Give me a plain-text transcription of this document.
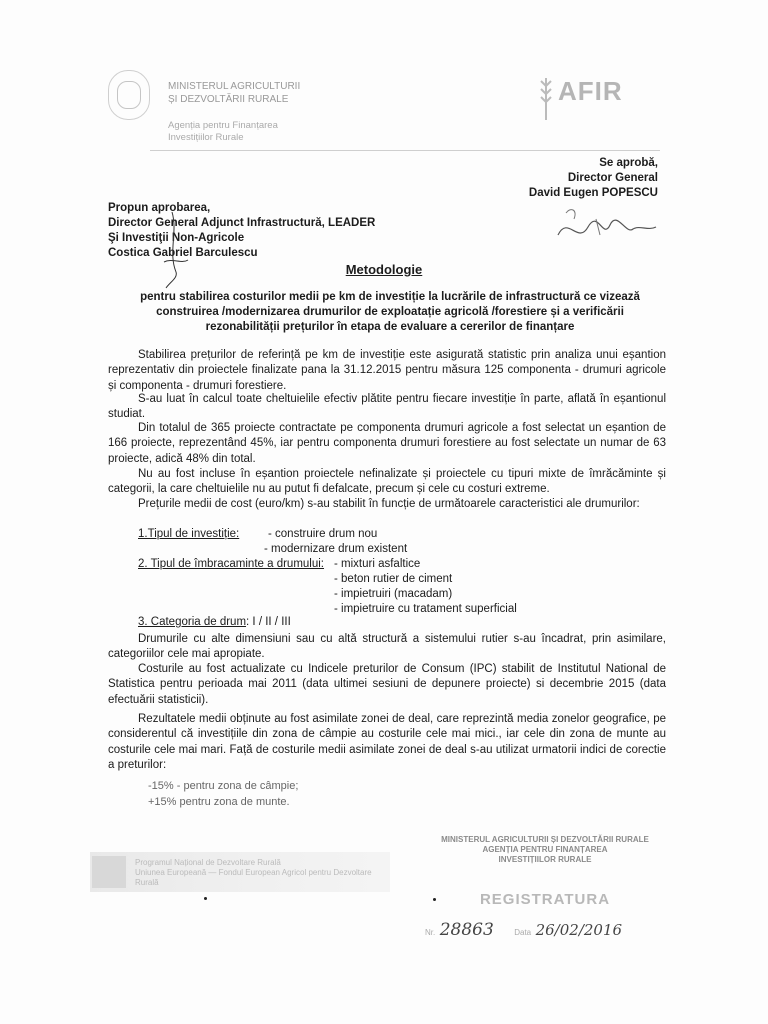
MINISTERUL AGRICULTURII
ȘI DEZVOLTĂRII RURALE
Agenția pentru Finanțarea
Investițiilor Rurale
AFIR
Se aprobă,
Director General
David Eugen POPESCU
Propun aprobarea,
Director General Adjunct Infrastructură, LEADER
Şi Investiţii Non-Agricole
Costica Gabriel Barculescu
Metodologie
pentru stabilirea costurilor medii pe km de investiție la lucrările de infrastructură ce vizează construirea /modernizarea drumurilor de exploatație agricolă /forestiere și a verificării rezonabilității prețurilor în etapa de evaluare a cererilor de finanțare
Stabilirea prețurilor de referință pe km de investiție este asigurată statistic prin analiza unui eșantion reprezentativ din proiectele finalizate pana la 31.12.2015 pentru măsura 125 componenta - drumuri agricole și componenta - drumuri forestiere.
S-au luat în calcul toate cheltuielile efectiv plătite pentru fiecare investiție în parte, aflată în eșantionul studiat.
Din totalul de 365 proiecte contractate pe componenta drumuri agricole a fost selectat un eșantion de 166 proiecte, reprezentând 45%, iar pentru componenta drumuri forestiere au fost selectate un numar de 63 proiecte, adică 48% din total.
Nu au fost incluse în eșantion proiectele nefinalizate și proiectele cu tipuri mixte de îmrăcăminte și categorii, la care cheltuielile nu au putut fi defalcate, precum și cele cu costuri extreme.
Prețurile medii de cost (euro/km) s-au stabilit în funcție de următoarele caracteristici ale drumurilor:
1.Tipul de investiție:	- construire drum nou
- modernizare drum existent
2. Tipul de îmbracaminte a drumului: - mixturi asfaltice
- beton rutier de ciment
- impietruiri (macadam)
- impietruire cu tratament superficial
3. Categoria de drum: I / II / III
Drumurile cu alte dimensiuni sau cu altă structură a sistemului rutier s-au încadrat, prin asimilare, categoriilor cele mai apropiate.
Costurile au fost actualizate cu Indicele preturilor de Consum (IPC) stabilit de Institutul National de Statistica pentru perioada mai 2011 (data ultimei sesiuni de depunere proiecte) si decembrie 2015 (data efectuării statisticii).
Rezultatele medii obținute au fost asimilate zonei de deal, care reprezintă media zonelor geografice, pe considerentul că investițiile din zona de câmpie au costurile cele mai mici., iar cele din zona de munte au costurile cele mai mari. Față de costurile medii asimilate zonei de deal s-au utilizat urmatorii indici de corectie a preturilor:
-15% - pentru zona de câmpie;
+15% pentru zona de munte.
Programul Național de Dezvoltare Rurală
Uniunea Europeană — Fondul European Agricol pentru Dezvoltare Rurală
MINISTERUL AGRICULTURII ȘI DEZVOLTĂRII RURALE
AGENȚIA PENTRU FINANȚAREA
INVESTIȚIILOR RURALE
REGISTRATURA
Nr. 28863	Data 26/02/2016
